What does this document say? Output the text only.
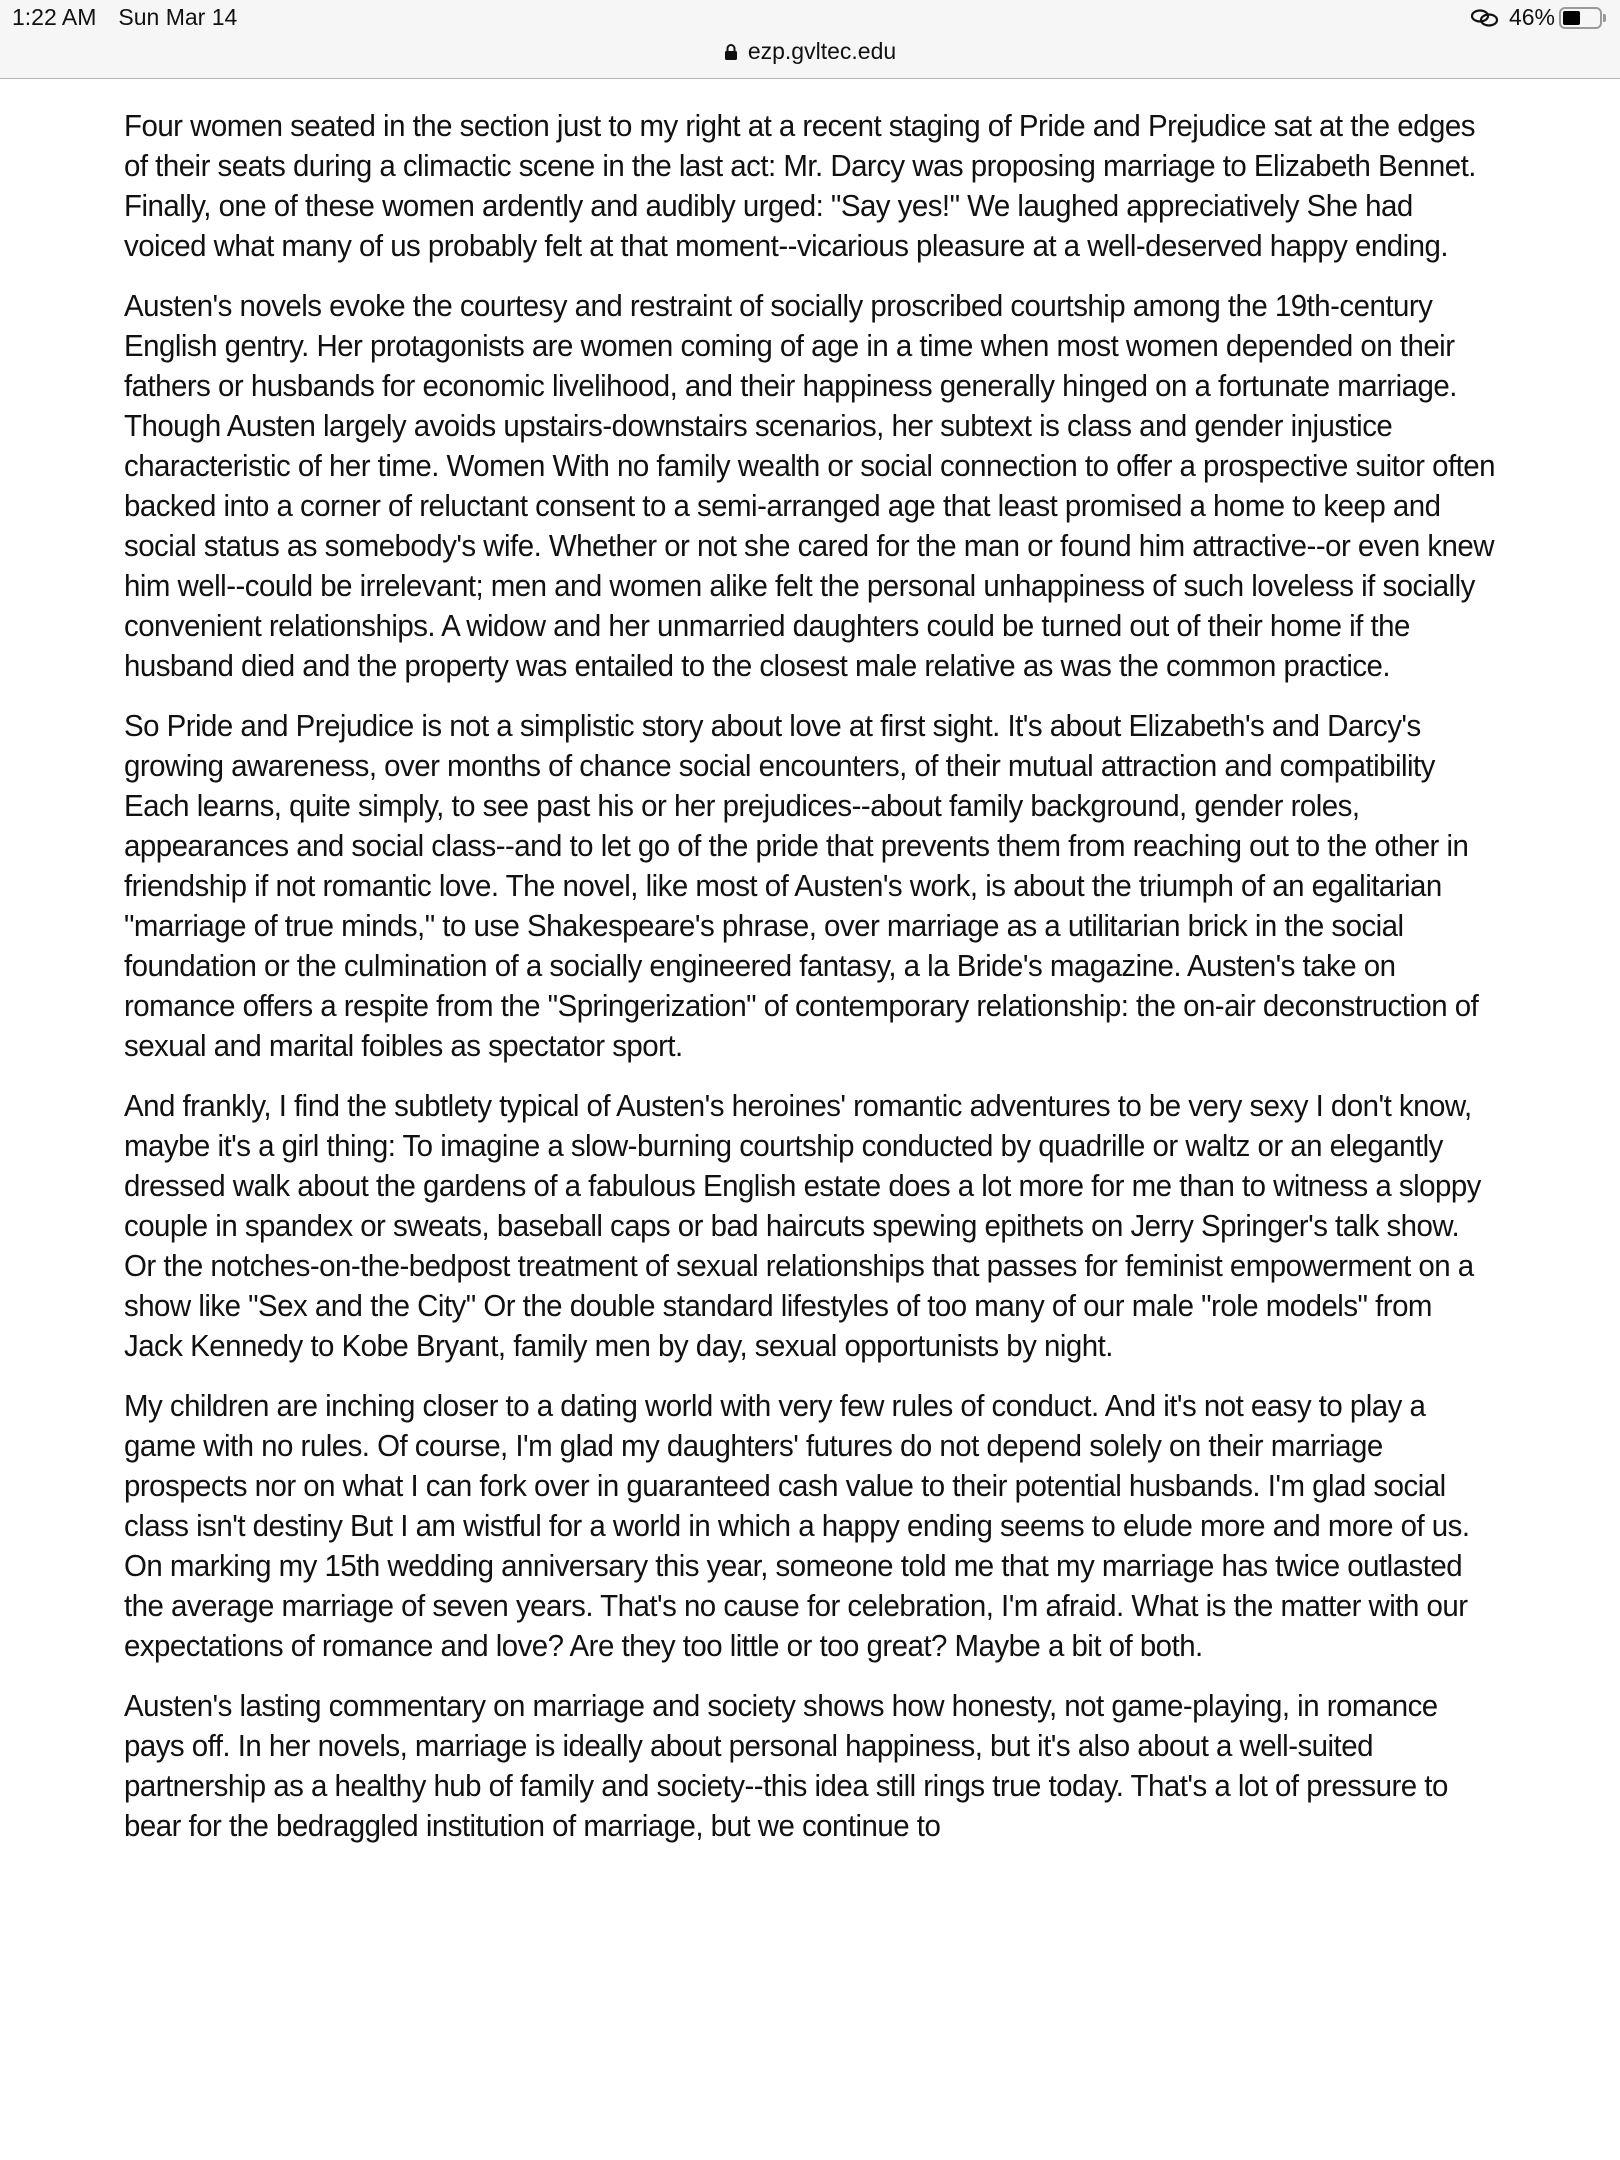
1:22 AM Sun Mar 14	46%
ezp.gvltec.edu

Four women seated in the section just to my right at a recent staging of Pride and Prejudice sat at the edges of their seats during a climactic scene in the last act: Mr. Darcy was proposing marriage to Elizabeth Bennet. Finally, one of these women ardently and audibly urged: "Say yes!" We laughed appreciatively She had voiced what many of us probably felt at that moment--vicarious pleasure at a well-deserved happy ending.

Austen's novels evoke the courtesy and restraint of socially proscribed courtship among the 19th-century English gentry. Her protagonists are women coming of age in a time when most women depended on their fathers or husbands for economic livelihood, and their happiness generally hinged on a fortunate marriage. Though Austen largely avoids upstairs-downstairs scenarios, her subtext is class and gender injustice characteristic of her time. Women With no family wealth or social connection to offer a prospective suitor often backed into a corner of reluctant consent to a semi-arranged age that least promised a home to keep and social status as somebody's wife. Whether or not she cared for the man or found him attractive--or even knew him well--could be irrelevant; men and women alike felt the personal unhappiness of such loveless if socially convenient relationships. A widow and her unmarried daughters could be turned out of their home if the husband died and the property was entailed to the closest male relative as was the common practice.

So Pride and Prejudice is not a simplistic story about love at first sight. It's about Elizabeth's and Darcy's growing awareness, over months of chance social encounters, of their mutual attraction and compatibility Each learns, quite simply, to see past his or her prejudices--about family background, gender roles, appearances and social class--and to let go of the pride that prevents them from reaching out to the other in friendship if not romantic love. The novel, like most of Austen's work, is about the triumph of an egalitarian "marriage of true minds," to use Shakespeare's phrase, over marriage as a utilitarian brick in the social foundation or the culmination of a socially engineered fantasy, a la Bride's magazine. Austen's take on romance offers a respite from the "Springerization" of contemporary relationship: the on-air deconstruction of sexual and marital foibles as spectator sport.

And frankly, I find the subtlety typical of Austen's heroines' romantic adventures to be very sexy I don't know, maybe it's a girl thing: To imagine a slow-burning courtship conducted by quadrille or waltz or an elegantly dressed walk about the gardens of a fabulous English estate does a lot more for me than to witness a sloppy couple in spandex or sweats, baseball caps or bad haircuts spewing epithets on Jerry Springer's talk show. Or the notches-on-the-bedpost treatment of sexual relationships that passes for feminist empowerment on a show like "Sex and the City" Or the double standard lifestyles of too many of our male "role models" from Jack Kennedy to Kobe Bryant, family men by day, sexual opportunists by night.

My children are inching closer to a dating world with very few rules of conduct. And it's not easy to play a game with no rules. Of course, I'm glad my daughters' futures do not depend solely on their marriage prospects nor on what I can fork over in guaranteed cash value to their potential husbands. I'm glad social class isn't destiny But I am wistful for a world in which a happy ending seems to elude more and more of us. On marking my 15th wedding anniversary this year, someone told me that my marriage has twice outlasted the average marriage of seven years. That's no cause for celebration, I'm afraid. What is the matter with our expectations of romance and love? Are they too little or too great? Maybe a bit of both.

Austen's lasting commentary on marriage and society shows how honesty, not game-playing, in romance pays off. In her novels, marriage is ideally about personal happiness, but it's also about a well-suited partnership as a healthy hub of family and society--this idea still rings true today. That's a lot of pressure to bear for the bedraggled institution of marriage, but we continue to
